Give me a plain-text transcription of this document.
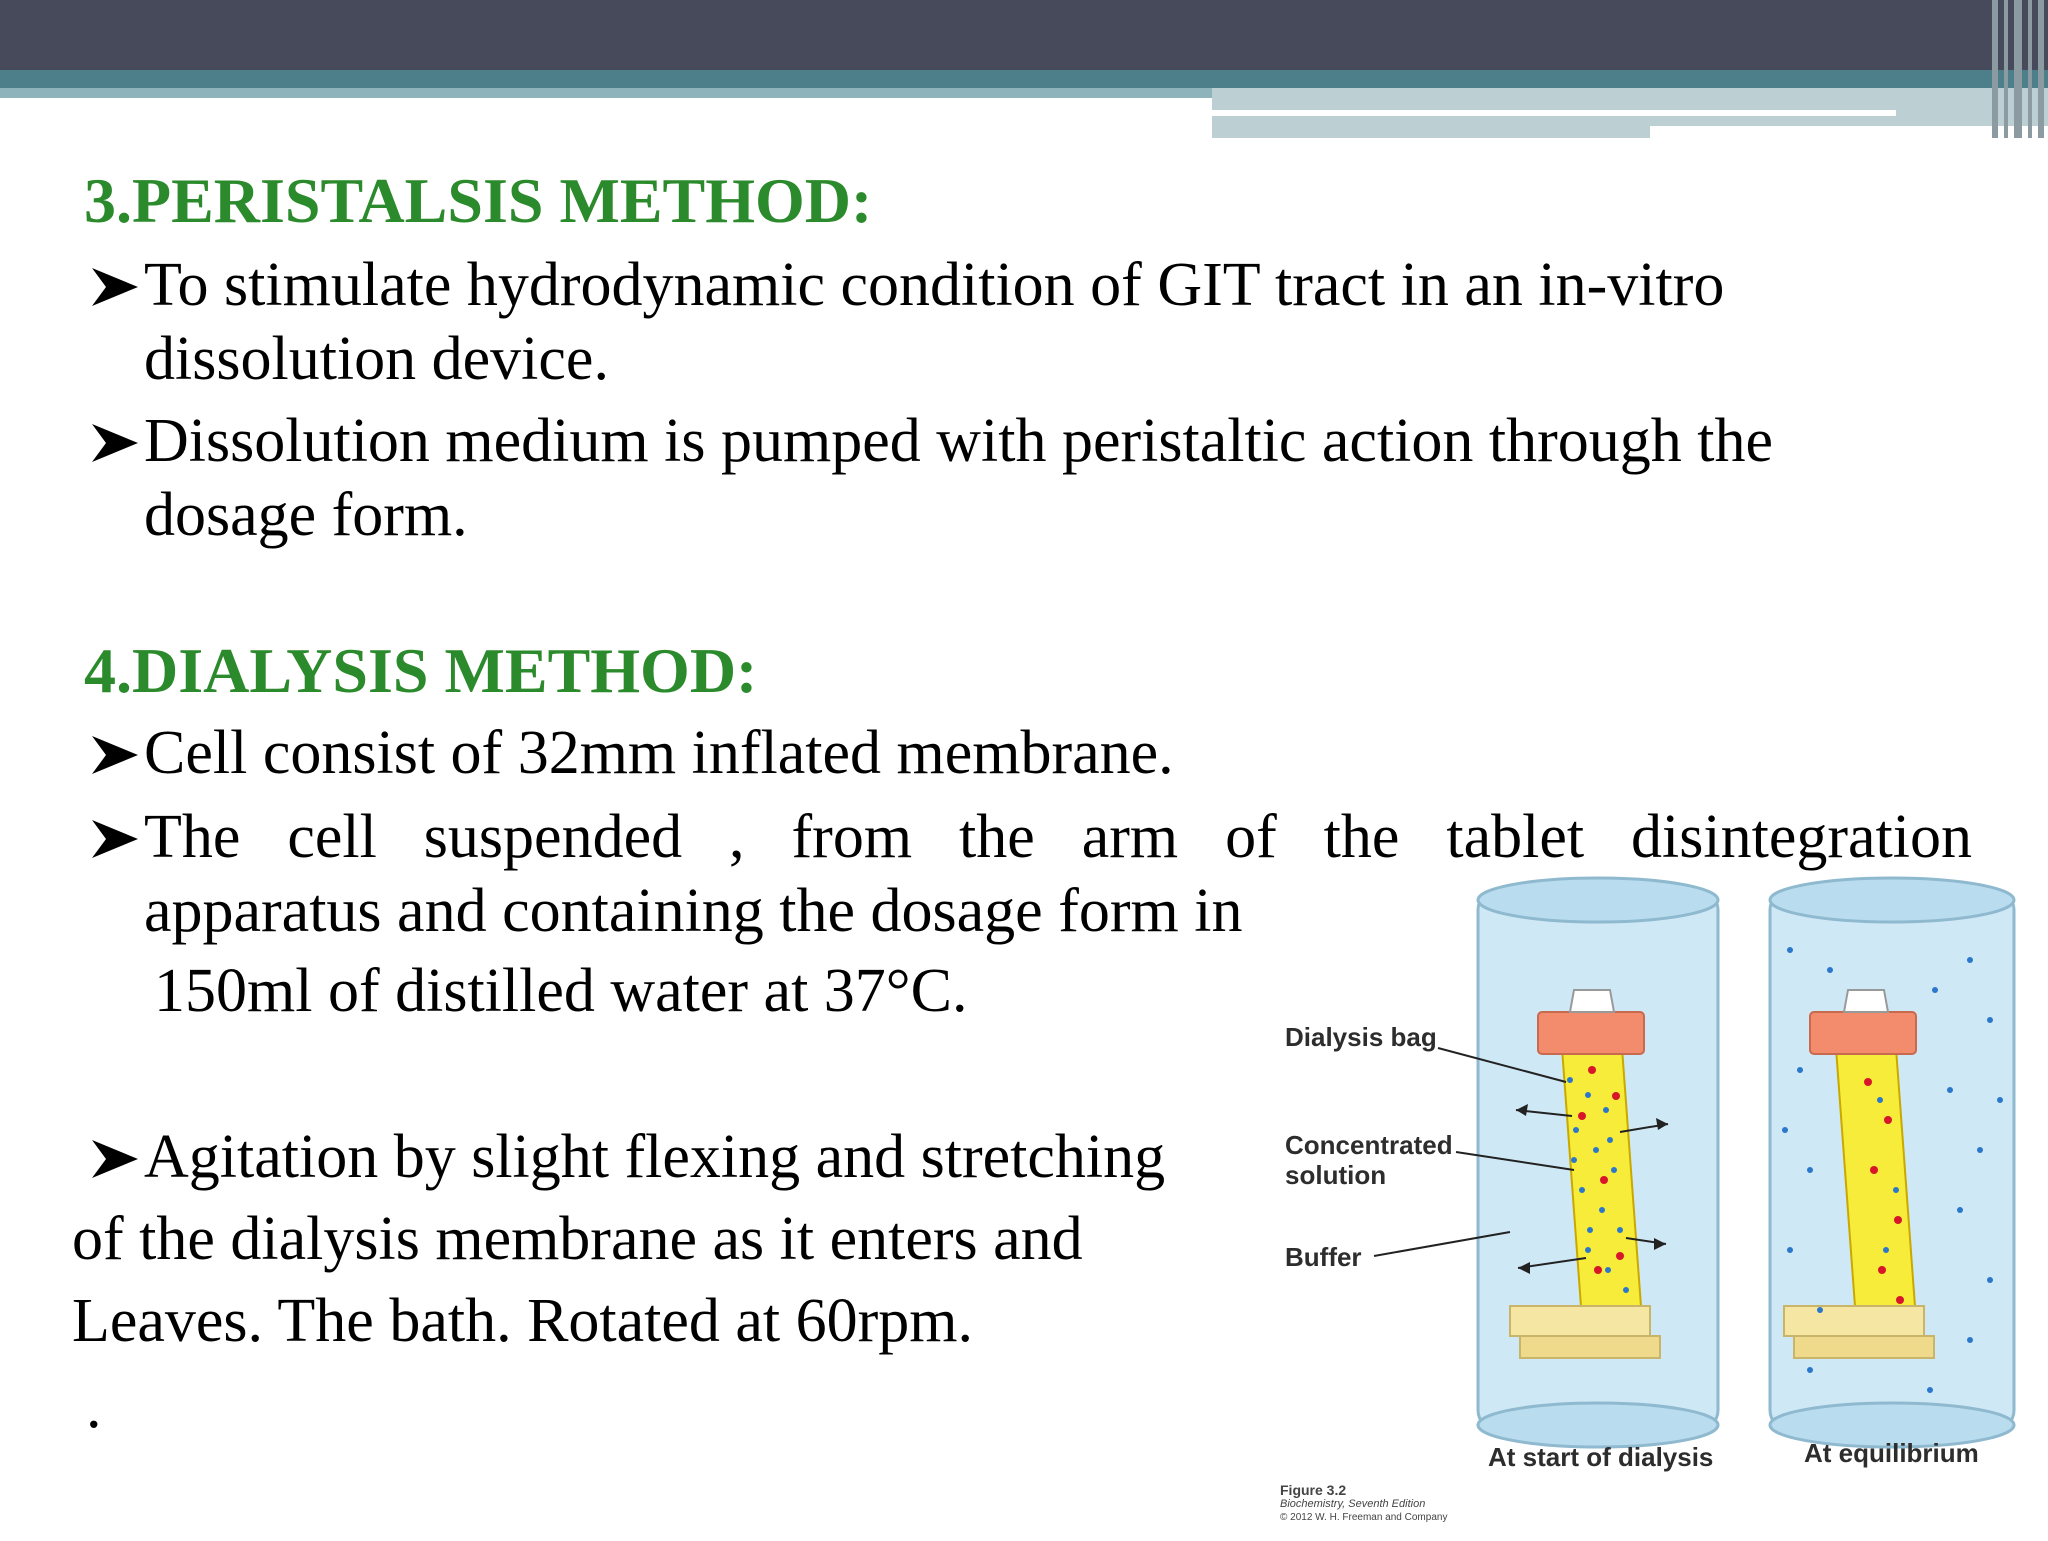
3.PERISTALSIS METHOD:
To stimulate hydrodynamic condition of GIT tract in an in-vitro
dissolution device.
Dissolution medium is pumped with peristaltic action through the
dosage form.
4.DIALYSIS METHOD:
Cell consist of 32mm inflated membrane.
The cell suspended , from the arm of the tablet disintegration
apparatus and containing the dosage form in
150ml of distilled water at 37°C.
Agitation by slight flexing and stretching
of the dialysis membrane as it enters and
Leaves. The bath. Rotated at 60rpm.
.
Dialysis bag
Concentrated
solution
Buffer
At start of dialysis	At equilibrium
Figure 3.2
Biochemistry, Seventh Edition
© 2012 W. H. Freeman and Company
